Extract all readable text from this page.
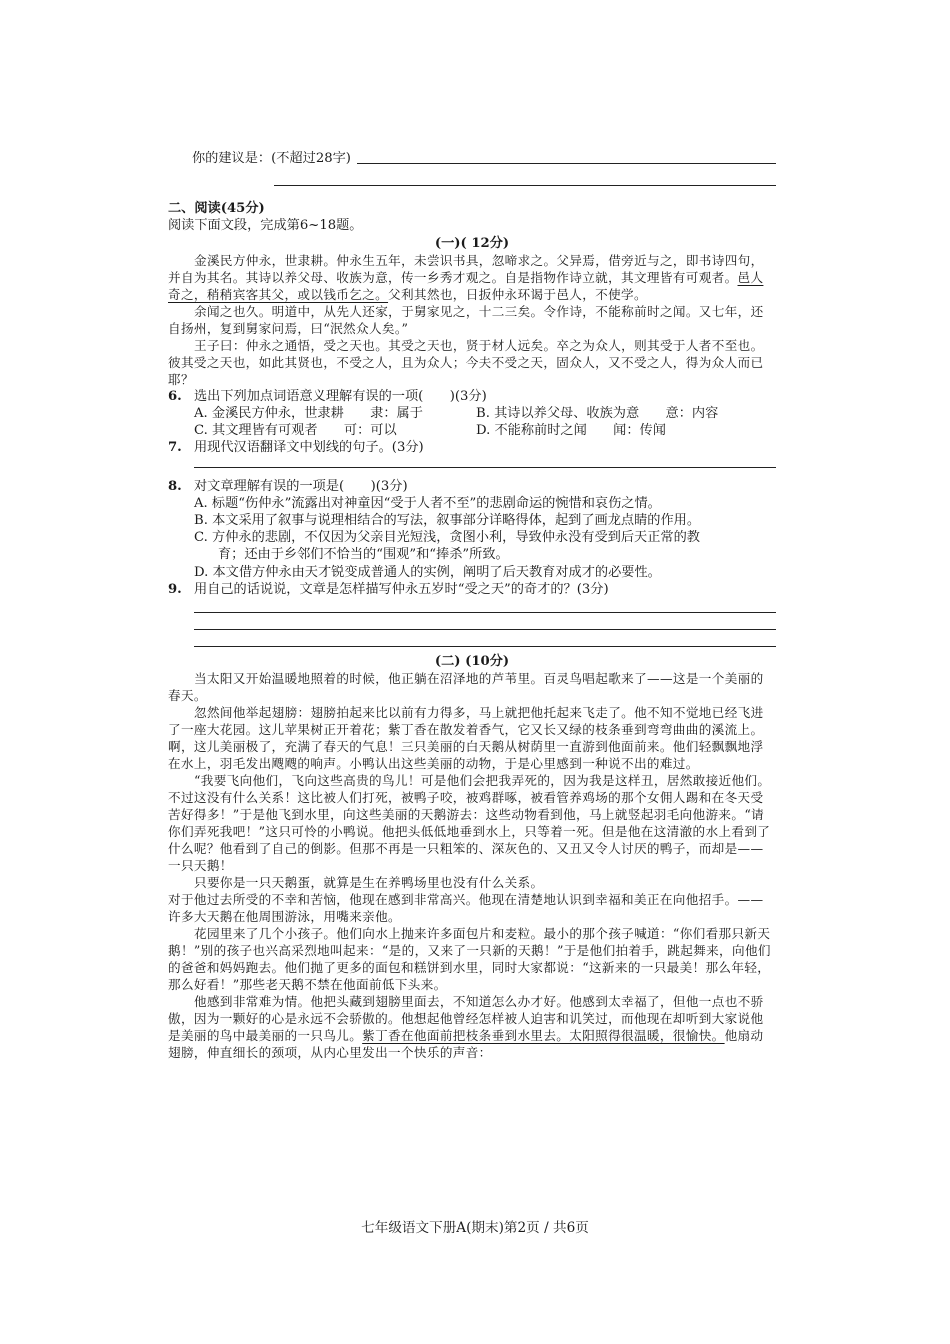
你的建议是：(不超过28字)
二、阅读(45分)
阅读下面文段，完成第6~18题。
(一)( 12分)
金溪民方仲永，世隶耕。仲永生五年，未尝识书具，忽啼求之。父异焉，借旁近与之，即书诗四句，并自为其名。其诗以养父母、收族为意，传一乡秀才观之。自是指物作诗立就，其文理皆有可观者。邑人奇之，稍稍宾客其父，或以钱币乞之。父利其然也，日扳仲永环谒于邑人，不使学。
余闻之也久。明道中，从先人还家，于舅家见之，十二三矣。令作诗，不能称前时之闻。又七年，还自扬州，复到舅家问焉，曰“泯然众人矣。”
王子曰：仲永之通悟，受之天也。其受之天也，贤于材人远矣。卒之为众人，则其受于人者不至也。彼其受之天也，如此其贤也，不受之人，且为众人；今夫不受之天，固众人，又不受之人，得为众人而已耶？
6. 选出下列加点词语意义理解有误的一项(　　)(3分)
A. 金溪民方仲永，世隶耕　　隶：属于	B. 其诗以养父母、收族为意　　意：内容
C. 其文理皆有可观者　　可：可以	D. 不能称前时之闻　　闻：传闻
7. 用现代汉语翻译文中划线的句子。(3分)
8. 对文章理解有误的一项是(　　)(3分)
A. 标题“伤仲永”流露出对神童因“受于人者不至”的悲剧命运的惋惜和哀伤之情。
B. 本文采用了叙事与说理相结合的写法，叙事部分详略得体，起到了画龙点睛的作用。
C. 方仲永的悲剧，不仅因为父亲目光短浅，贪图小利，导致仲永没有受到后天正常的教
育；还由于乡邻们不恰当的“围观”和“捧杀”所致。
D. 本文借方仲永由天才锐变成普通人的实例，阐明了后天教育对成才的必要性。
9. 用自己的话说说，文章是怎样描写仲永五岁时“受之天”的奇才的？(3分)
(二) (10分)
当太阳又开始温暖地照着的时候，他正躺在沼泽地的芦苇里。百灵鸟唱起歌来了——这是一个美丽的春天。
忽然间他举起翅膀：翅膀拍起来比以前有力得多，马上就把他托起来飞走了。他不知不觉地已经飞进了一座大花园。这儿苹果树正开着花；紫丁香在散发着香气，它又长又绿的枝条垂到弯弯曲曲的溪流上。啊，这儿美丽极了，充满了春天的气息！三只美丽的白天鹅从树荫里一直游到他面前来。他们轻飘飘地浮在水上，羽毛发出飕飕的响声。小鸭认出这些美丽的动物，于是心里感到一种说不出的难过。
“我要飞向他们，飞向这些高贵的鸟儿！可是他们会把我弄死的，因为我是这样丑，居然敢接近他们。不过这没有什么关系！这比被人们打死，被鸭子咬，被鸡群啄，被看管养鸡场的那个女佣人踢和在冬天受苦好得多！”于是他飞到水里，向这些美丽的天鹅游去：这些动物看到他，马上就竖起羽毛向他游来。“请你们弄死我吧！”这只可怜的小鸭说。他把头低低地垂到水上，只等着一死。但是他在这清澈的水上看到了什么呢？他看到了自己的倒影。但那不再是一只粗笨的、深灰色的、又丑又令人讨厌的鸭子，而却是——一只天鹅！
只要你是一只天鹅蛋，就算是生在养鸭场里也没有什么关系。
对于他过去所受的不幸和苦恼，他现在感到非常高兴。他现在清楚地认识到幸福和美正在向他招手。——许多大天鹅在他周围游泳，用嘴来亲他。
花园里来了几个小孩子。他们向水上抛来许多面包片和麦粒。最小的那个孩子喊道：“你们看那只新天鹅！”别的孩子也兴高采烈地叫起来：“是的，又来了一只新的天鹅！”于是他们拍着手，跳起舞来，向他们的爸爸和妈妈跑去。他们抛了更多的面包和糕饼到水里，同时大家都说：“这新来的一只最美！那么年轻，那么好看！”那些老天鹅不禁在他面前低下头来。
他感到非常难为情。他把头藏到翅膀里面去，不知道怎么办才好。他感到太幸福了，但他一点也不骄傲，因为一颗好的心是永远不会骄傲的。他想起他曾经怎样被人迫害和讥笑过，而他现在却听到大家说他是美丽的鸟中最美丽的一只鸟儿。紫丁香在他面前把枝条垂到水里去。太阳照得很温暖，很愉快。他扇动翅膀，伸直细长的颈项，从内心里发出一个快乐的声音：
七年级语文下册A(期末)第2页 / 共6页
